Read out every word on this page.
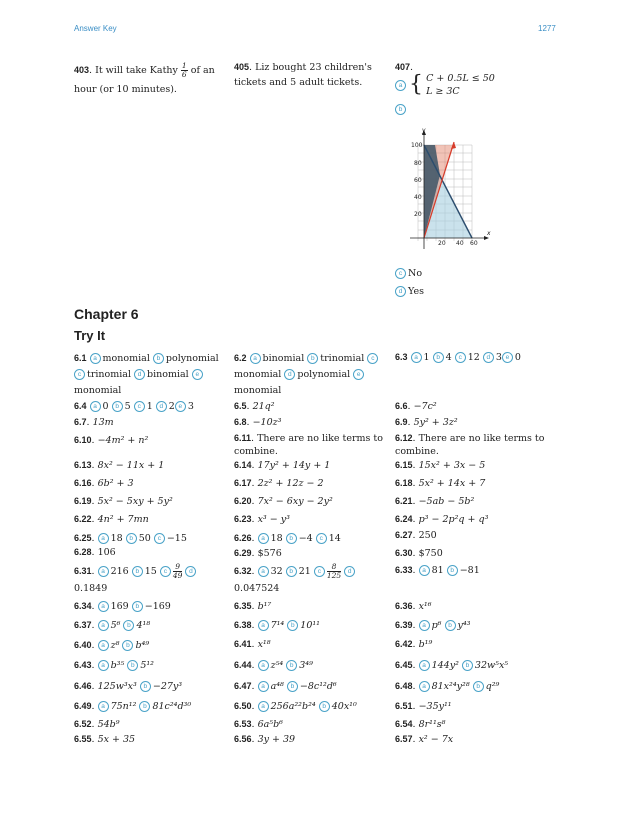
Answer Key	1277
403. It will take Kathy $\frac{1}{6}$ of an
hour (or 10 minutes).
405. Liz bought 23 children's tickets and 5 adult tickets.
407.
a { C + 0.5L ≤ 50
L ≥ 3C
b
y
x
100
80
60
40
20
20 40 60
c No
d Yes
Chapter 6
Try It
6.1 a monomial b polynomial c trinomial d binomial emonomial
6.2 a binomial b trinomial cmonomial d polynomial emonomial
6.3 a 1 b 4 c 12 d 3 e 0
6.4 a 0 b 5 c 1 d 2 e 3	6.5. 21q²	6.6. −7c²
6.7. 13m	6.8. −10z³	6.9. 5y² + 3z²
6.10. −4m² + n²	6.11. There are no like terms to combine.
6.12. There are no like terms to combine.
6.13. 8x² − 11x + 1	6.14. 17y² + 14y + 1	6.15. 15x² + 3x − 5
6.16. 6b² + 3	6.17. 2z² + 12z − 2	6.18. 5x² + 14x + 7
6.19. 5x² − 5xy + 5y²	6.20. 7x² − 6xy − 2y²	6.21. −5ab − 5b²
6.22. 4n² + 7mn	6.23. x³ − y³	6.24. p³ − 2p²q + q³
6.25. a 18 b 50 c −15	6.26. a 18 b −4 c 14	6.27. 250
6.28. 106	6.29. $576	6.30. $750
6.31. a 216 b 15 c $\frac{9}{49}$ d
0.1849
6.32. a 32 b 21 c $\frac{8}{125}$ d
0.047524
6.33. a 81 b −81
6.34. a 169 b −169	6.35. b¹⁷	6.36. x¹⁶
6.37. a 5⁶ b 4¹⁸	6.38. a 7¹⁴ b 10¹¹	6.39. a p⁶ b y⁴³
6.40. a z⁸ b b⁴⁹	6.41. x¹⁸	6.42. b¹⁹
6.43. a b³⁵ b 5¹²	6.44. a z⁵⁴ b 3⁴⁹	6.45. a 144y² b 32w⁵x⁵
6.46. 125w³x³ b −27y³	6.47. a a⁴⁸ b −8c¹²d⁶	6.48. a 81x²⁴y²⁸ b q²⁹
6.49. a 75n¹² b 81c²⁴d³⁰	6.50. a 256a²²b²⁴ b 40x¹⁰	6.51. −35y¹¹
6.52. 54b⁹	6.53. 6a⁵b⁶	6.54. 8r¹¹s⁸
6.55. 5x + 35	6.56. 3y + 39	6.57. x² − 7x
